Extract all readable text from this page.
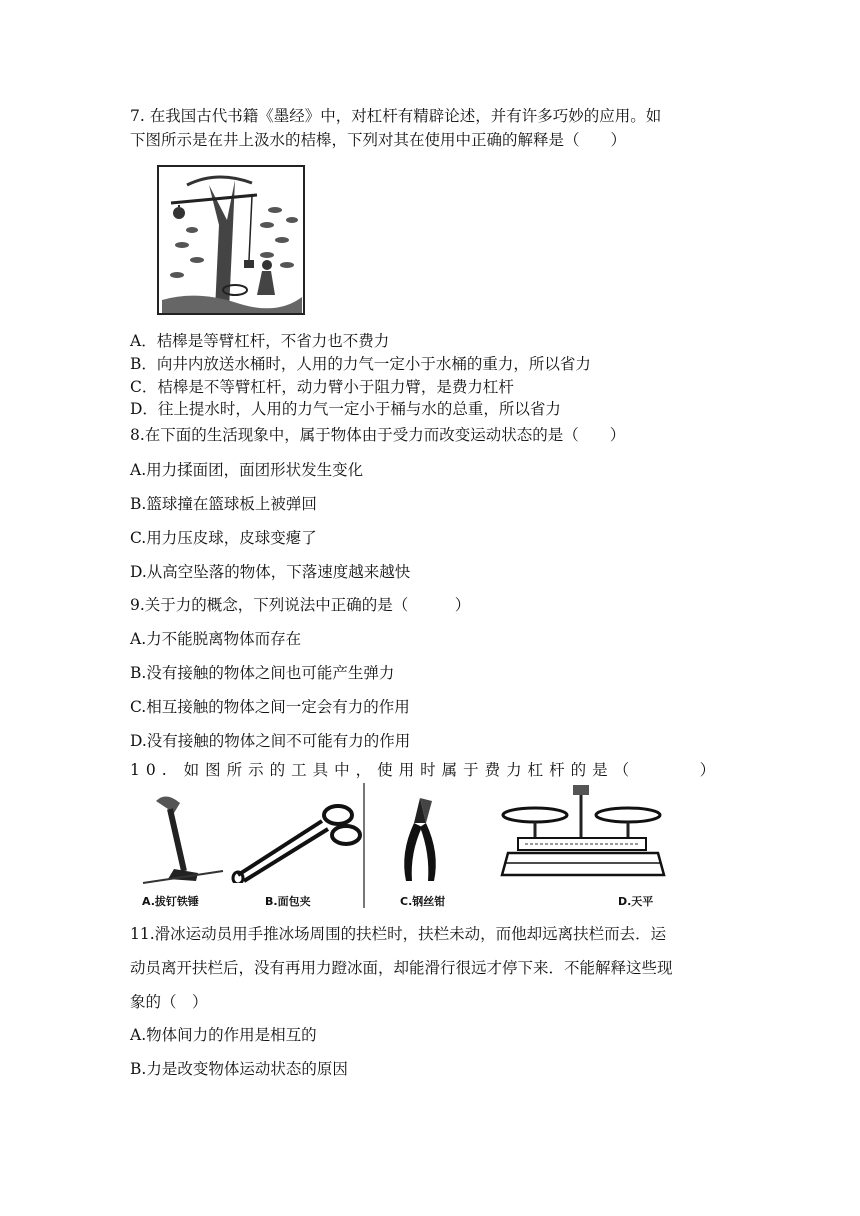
7. 在我国古代书籍《墨经》中，对杠杆有精辟论述，并有许多巧妙的应用。如
下图所示是在井上汲水的桔槔，下列对其在使用中正确的解释是（　　）
A．桔槔是等臂杠杆，不省力也不费力
B．向井内放送水桶时，人用的力气一定小于水桶的重力，所以省力
C．桔槔是不等臂杠杆，动力臂小于阻力臂，是费力杠杆
D．往上提水时，人用的力气一定小于桶与水的总重，所以省力
8.在下面的生活现象中，属于物体由于受力而改变运动状态的是（　　）
A.用力揉面团，面团形状发生变化
B.篮球撞在篮球板上被弹回
C.用力压皮球，皮球变瘪了
D.从高空坠落的物体，下落速度越来越快
9.关于力的概念，下列说法中正确的是（　　　）
A.力不能脱离物体而存在
B.没有接触的物体之间也可能产生弹力
C.相互接触的物体之间一定会有力的作用
D.没有接触的物体之间不可能有力的作用
10. 如图所示的工具中，使用时属于费力杠杆的是（　　　）
A.拔钉铁锤	B.面包夹	C.钢丝钳	D.天平
11.滑冰运动员用手推冰场周围的扶栏时，扶栏未动，而他却远离扶栏而去．运
动员离开扶栏后，没有再用力蹬冰面，却能滑行很远才停下来．不能解释这些现
象的（　）
A.物体间力的作用是相互的
B.力是改变物体运动状态的原因
